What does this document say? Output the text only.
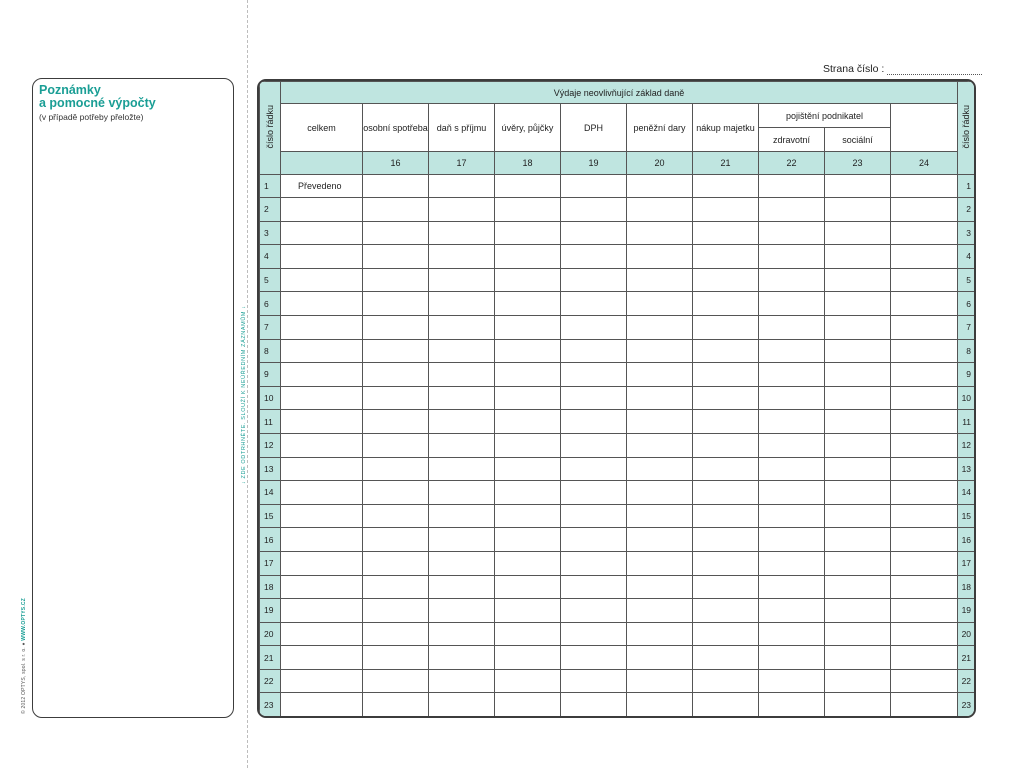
Poznámky
a pomocné výpočty
(v případě potřeby přeložte)
© 2012 OPTYS, spol. s r. o. ● WWW.OPTYS.CZ
↓ ZDE ODTRHNĚTE. SLOUŽÍ K NEÚŘEDNÍM ZÁZNAMŮM ↓
Strana číslo :
číslo řádku	Výdaje neovlivňující základ daně										číslo řádku
	celkem	osobní spotřeba	daň s příjmu	úvěry, půjčky	DPH	peněžní dary	nákup majetku	pojištění podnikatel			
								zdravotní	sociální		
		16	17	18	19	20	21	22	23	24	
1	Převedeno										1
2											2
3											3
4											4
5											5
6											6
7											7
8											8
9											9
10											10
11											11
12											12
13											13
14											14
15											15
16											16
17											17
18											18
19											19
20											20
21											21
22											22
23											23
